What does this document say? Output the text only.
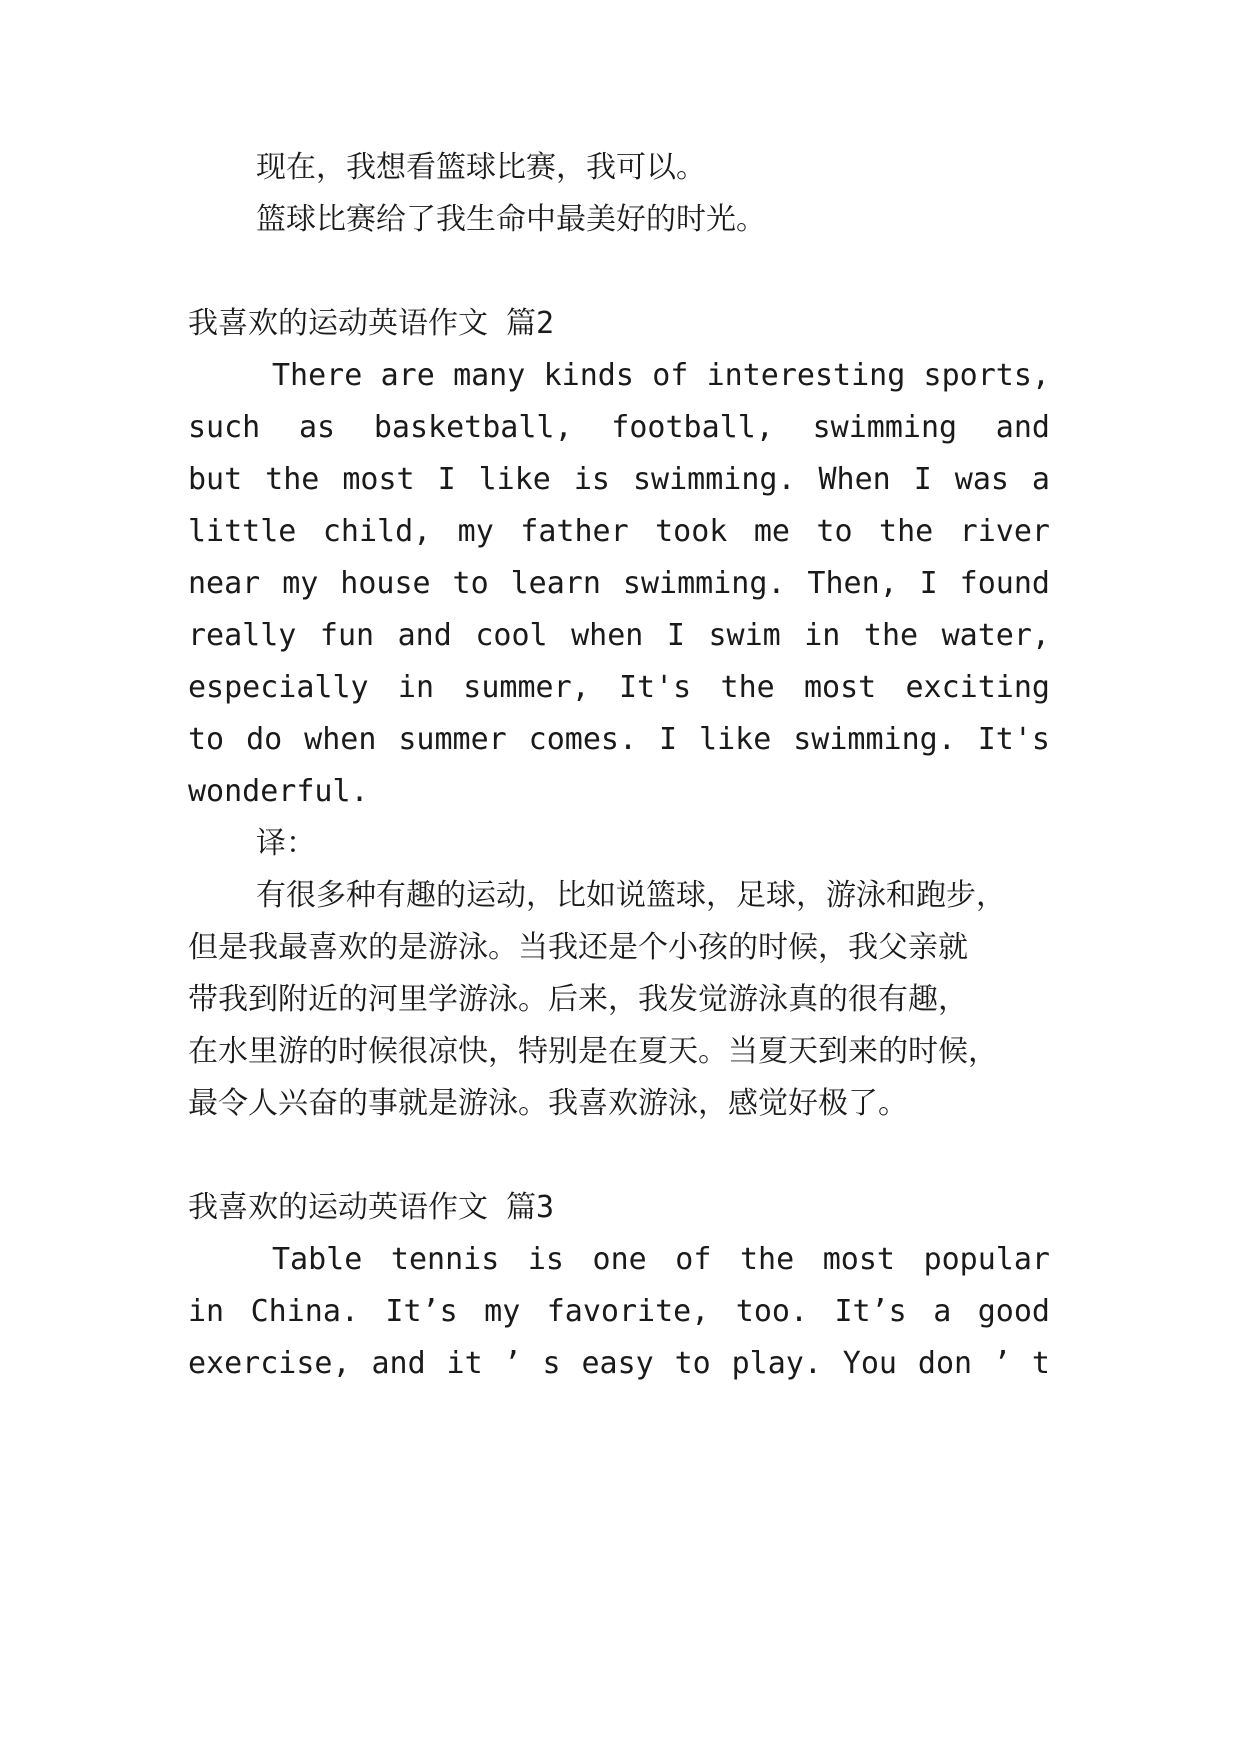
现在，我想看篮球比赛，我可以。
篮球比赛给了我生命中最美好的时光。
我喜欢的运动英语作文 篇2
There are many kinds of interesting sports,
such as basketball, football, swimming and
but the most I like is swimming. When I was a
little child, my father took me to the river
near my house to learn swimming. Then, I found
really fun and cool when I swim in the water,
especially in summer, It's the most exciting
to do when summer comes. I like swimming. It's
wonderful.
译：
有很多种有趣的运动，比如说篮球，足球，游泳和跑步，
但是我最喜欢的是游泳。当我还是个小孩的时候，我父亲就
带我到附近的河里学游泳。后来，我发觉游泳真的很有趣，
在水里游的时候很凉快，特别是在夏天。当夏天到来的时候，
最令人兴奋的事就是游泳。我喜欢游泳，感觉好极了。
我喜欢的运动英语作文 篇3
Table tennis is one of the most popular
in China. It’s my favorite, too. It’s a good
exercise, and it ’ s easy to play. You don ’ t
